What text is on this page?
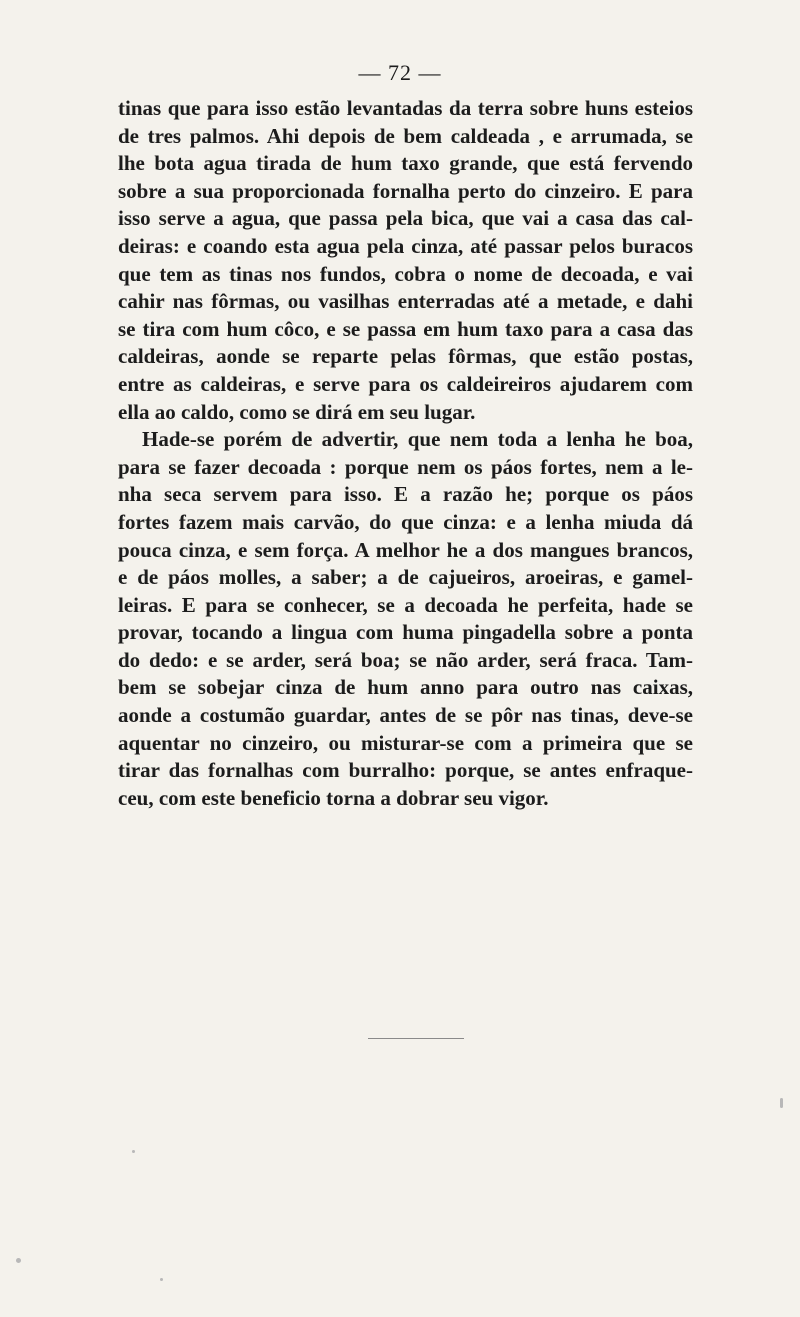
— 72 —
tinas que para isso estão levantadas da terra sobre huns esteios
de tres palmos. Ahi depois de bem caldeada , e arrumada, se
lhe bota agua tirada de hum taxo grande, que está fervendo
sobre a sua proporcionada fornalha perto do cinzeiro. E para
isso serve a agua, que passa pela bica, que vai a casa das cal-
deiras: e coando esta agua pela cinza, até passar pelos buracos
que tem as tinas nos fundos, cobra o nome de decoada, e vai
cahir nas fôrmas, ou vasilhas enterradas até a metade, e dahi
se tira com hum côco, e se passa em hum taxo para a casa das
caldeiras, aonde se reparte pelas fôrmas, que estão postas,
entre as caldeiras, e serve para os caldeireiros ajudarem com
ella ao caldo, como se dirá em seu lugar.
Hade-se porém de advertir, que nem toda a lenha he boa,
para se fazer decoada : porque nem os páos fortes, nem a le-
nha seca servem para isso. E a razão he; porque os páos
fortes fazem mais carvão, do que cinza: e a lenha miuda dá
pouca cinza, e sem força. A melhor he a dos mangues brancos,
e de páos molles, a saber; a de cajueiros, aroeiras, e gamel-
leiras. E para se conhecer, se a decoada he perfeita, hade se
provar, tocando a lingua com huma pingadella sobre a ponta
do dedo: e se arder, será boa; se não arder, será fraca. Tam-
bem se sobejar cinza de hum anno para outro nas caixas,
aonde a costumão guardar, antes de se pôr nas tinas, deve-se
aquentar no cinzeiro, ou misturar-se com a primeira que se
tirar das fornalhas com burralho: porque, se antes enfraque-
ceu, com este beneficio torna a dobrar seu vigor.
